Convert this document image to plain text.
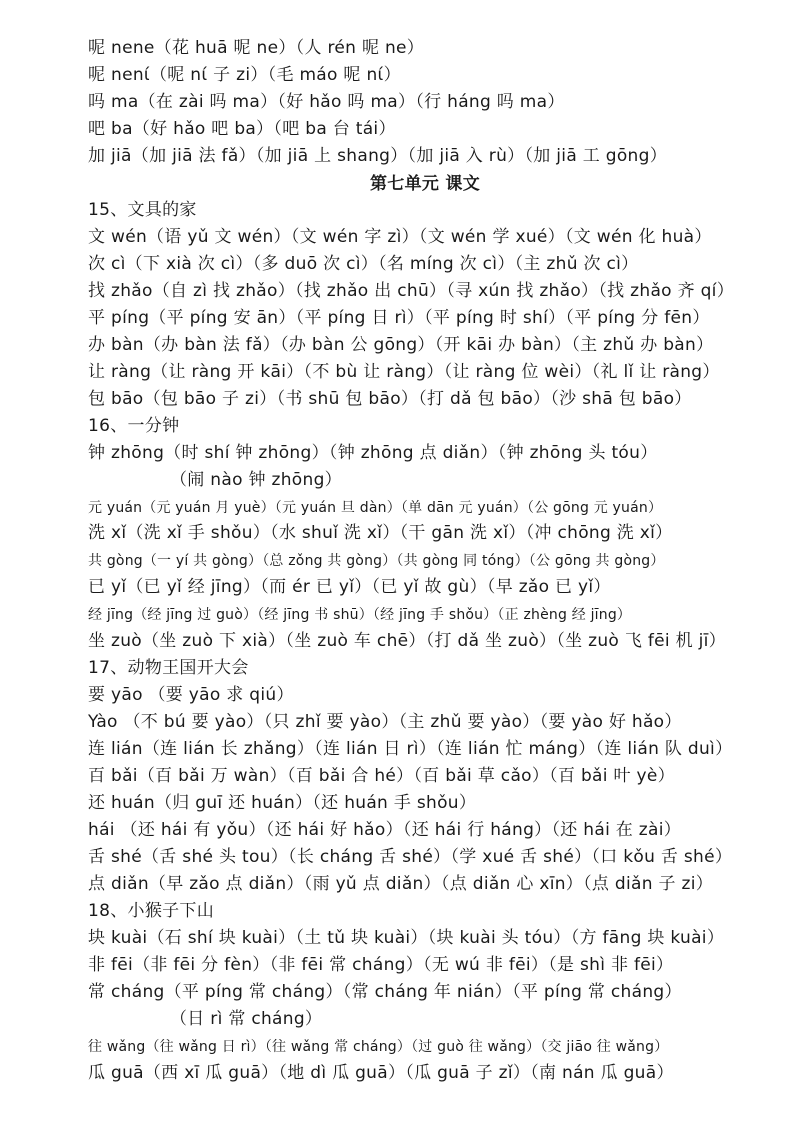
呢 nene（花 huā 呢 ne）（人 rén 呢 ne）
呢 nenί（呢 nί 子 zi）（毛 máo 呢 nί）
吗 ma（在 zài 吗 ma）（好 hǎo 吗 ma）（行 háng 吗 ma）
吧 ba（好 hǎo 吧 ba）（吧 ba 台 tái）
加 jiā（加 jiā 法 fǎ）（加 jiā 上 shang）（加 jiā 入 rù）（加 jiā 工 gōng）
第七单元 课文
15、文具的家
文 wén（语 yǔ 文 wén）（文 wén 字 zì）（文 wén 学 xué）（文 wén 化 huà）
次 cì（下 xià 次 cì）（多 duō 次 cì）（名 míng 次 cì）（主 zhǔ 次 cì）
找 zhǎo（自 zì 找 zhǎo）（找 zhǎo 出 chū）（寻 xún 找 zhǎo）（找 zhǎo 齐 qí）
平 píng（平 píng 安 ān）（平 píng 日 rì）（平 píng 时 shí）（平 píng 分 fēn）
办 bàn（办 bàn 法 fǎ）（办 bàn 公 gōng）（开 kāi 办 bàn）（主 zhǔ 办 bàn）
让 ràng（让 ràng 开 kāi）（不 bù 让 ràng）（让 ràng 位 wèi）（礼 lǐ 让 ràng）
包 bāo（包 bāo 子 zi）（书 shū 包 bāo）（打 dǎ 包 bāo）（沙 shā 包 bāo）
16、一分钟
钟 zhōng（时 shí 钟 zhōng）（钟 zhōng 点 diǎn）（钟 zhōng 头 tóu）
（闹 nào 钟 zhōng）
元 yuán（元 yuán 月 yuè）（元 yuán 旦 dàn）（单 dān 元 yuán）（公 gōng 元 yuán）
洗 xǐ（洗 xǐ 手 shǒu）（水 shuǐ 洗 xǐ）（干 gān 洗 xǐ）（冲 chōng 洗 xǐ）
共 gòng（一 yí 共 gòng）（总 zǒng 共 gòng）（共 gòng 同 tóng）（公 gōng 共 gòng）
已 yǐ（已 yǐ 经 jīng）（而 ér 已 yǐ）（已 yǐ 故 gù）（早 zǎo 已 yǐ）
经 jīng（经 jīng 过 guò）（经 jīng 书 shū）（经 jīng 手 shǒu）（正 zhèng 经 jīng）
坐 zuò（坐 zuò 下 xià）（坐 zuò 车 chē）（打 dǎ 坐 zuò）（坐 zuò 飞 fēi 机 jī）
17、动物王国开大会
要 yāo （要 yāo 求 qiú）
Yào （不 bú 要 yào）（只 zhǐ 要 yào）（主 zhǔ 要 yào）（要 yào 好 hǎo）
连 lián（连 lián 长 zhǎng）（连 lián 日 rì）（连 lián 忙 máng）（连 lián 队 duì）
百 bǎi（百 bǎi 万 wàn）（百 bǎi 合 hé）（百 bǎi 草 cǎo）（百 bǎi 叶 yè）
还 huán（归 guī 还 huán）（还 huán 手 shǒu）
hái （还 hái 有 yǒu）（还 hái 好 hǎo）（还 hái 行 háng）（还 hái 在 zài）
舌 shé（舌 shé 头 tou）（长 cháng 舌 shé）（学 xué 舌 shé）（口 kǒu 舌 shé）
点 diǎn（早 zǎo 点 diǎn）（雨 yǔ 点 diǎn）（点 diǎn 心 xīn）（点 diǎn 子 zi）
18、小猴子下山
块 kuài（石 shí 块 kuài）（土 tǔ 块 kuài）（块 kuài 头 tóu）（方 fāng 块 kuài）
非 fēi（非 fēi 分 fèn）（非 fēi 常 cháng）（无 wú 非 fēi）（是 shì 非 fēi）
常 cháng（平 píng 常 cháng）（常 cháng 年 nián）（平 píng 常 cháng）
（日 rì 常 cháng）
往 wǎng（往 wǎng 日 rì）（往 wǎng 常 cháng）（过 guò 往 wǎng）（交 jiāo 往 wǎng）
瓜 guā（西 xī 瓜 guā）（地 dì 瓜 guā）（瓜 guā 子 zǐ）（南 nán 瓜 guā）
